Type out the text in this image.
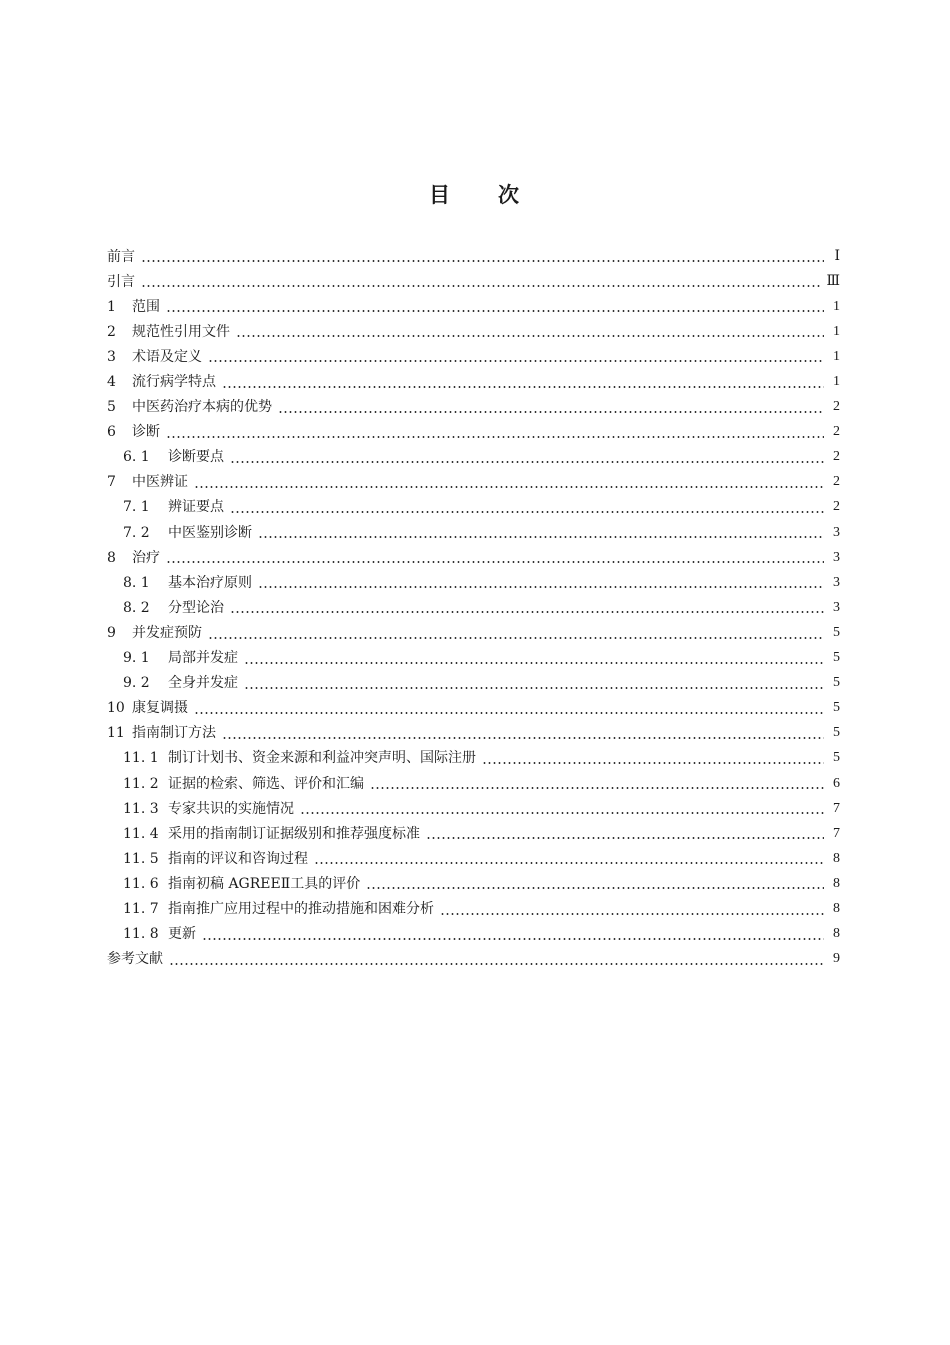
目 次
前言	Ⅰ
引言	Ⅲ
1	范围	1
2	规范性引用文件	1
3	术语及定义	1
4	流行病学特点	1
5	中医药治疗本病的优势	2
6	诊断	2
6. 1	诊断要点	2
7	中医辨证	2
7. 1	辨证要点	2
7. 2	中医鉴别诊断	3
8	治疗	3
8. 1	基本治疗原则	3
8. 2	分型论治	3
9	并发症预防	5
9. 1	局部并发症	5
9. 2	全身并发症	5
10 康复调摄	5
11 指南制订方法	5
11. 1 制订计划书、资金来源和利益冲突声明、国际注册	5
11. 2 证据的检索、筛选、评价和汇编	6
11. 3 专家共识的实施情况	7
11. 4 采用的指南制订证据级别和推荐强度标准	7
11. 5 指南的评议和咨询过程	8
11. 6 指南初稿 AGREEⅡ工具的评价	8
11. 7 指南推广应用过程中的推动措施和困难分析	8
11. 8 更新	8
参考文献	9
